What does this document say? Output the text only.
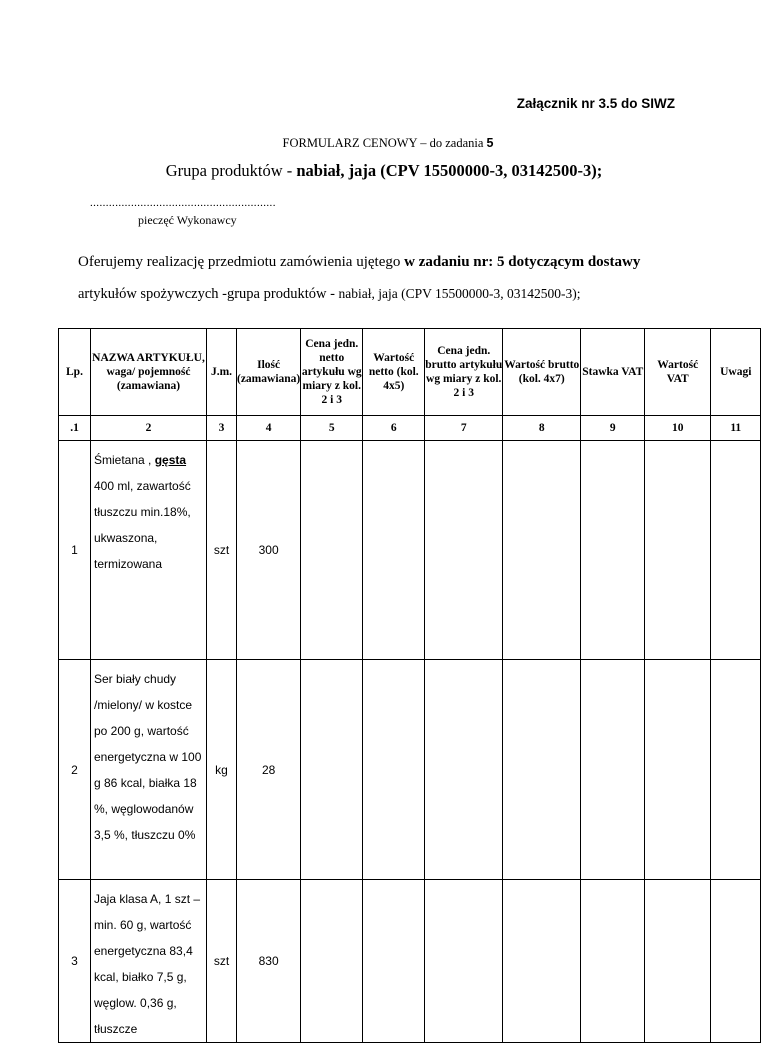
Załącznik nr 3.5 do SIWZ
FORMULARZ CENOWY – do zadania 5
Grupa produktów - nabiał, jaja (CPV 15500000-3, 03142500-3);
...........................................................
pieczęć Wykonawcy
Oferujemy realizację przedmiotu zamówienia ujętego w zadaniu nr: 5 dotyczącym dostawy
artykułów spożywczych -grupa produktów - nabiał, jaja (CPV 15500000-3, 03142500-3);
Lp.	NAZWA ARTYKUŁU, waga/ pojemność (zamawiana)	J.m.	Ilość (zamawiana)	Cena jedn. netto artykułu wg miary z kol. 2 i 3	Wartość netto (kol. 4x5)	Cena jedn. brutto artykułu wg miary z kol. 2 i 3	Wartość brutto (kol. 4x7)	Stawka VAT	Wartość VAT	Uwagi
.1	2	3	4	5	6	7	8	9	10	11
1	Śmietana , gęsta 400 ml, zawartość tłuszczu min.18%, ukwaszona, termizowana	szt	300							
2	Ser biały chudy /mielony/ w kostce po 200 g, wartość energetyczna w 100 g 86 kcal, białka 18 %, węglowodanów 3,5 %, tłuszczu 0%	kg	28							
3	Jaja klasa A, 1 szt – min. 60 g, wartość energetyczna 83,4 kcal, białko 7,5 g, węglow. 0,36 g, tłuszcze	szt	830							
